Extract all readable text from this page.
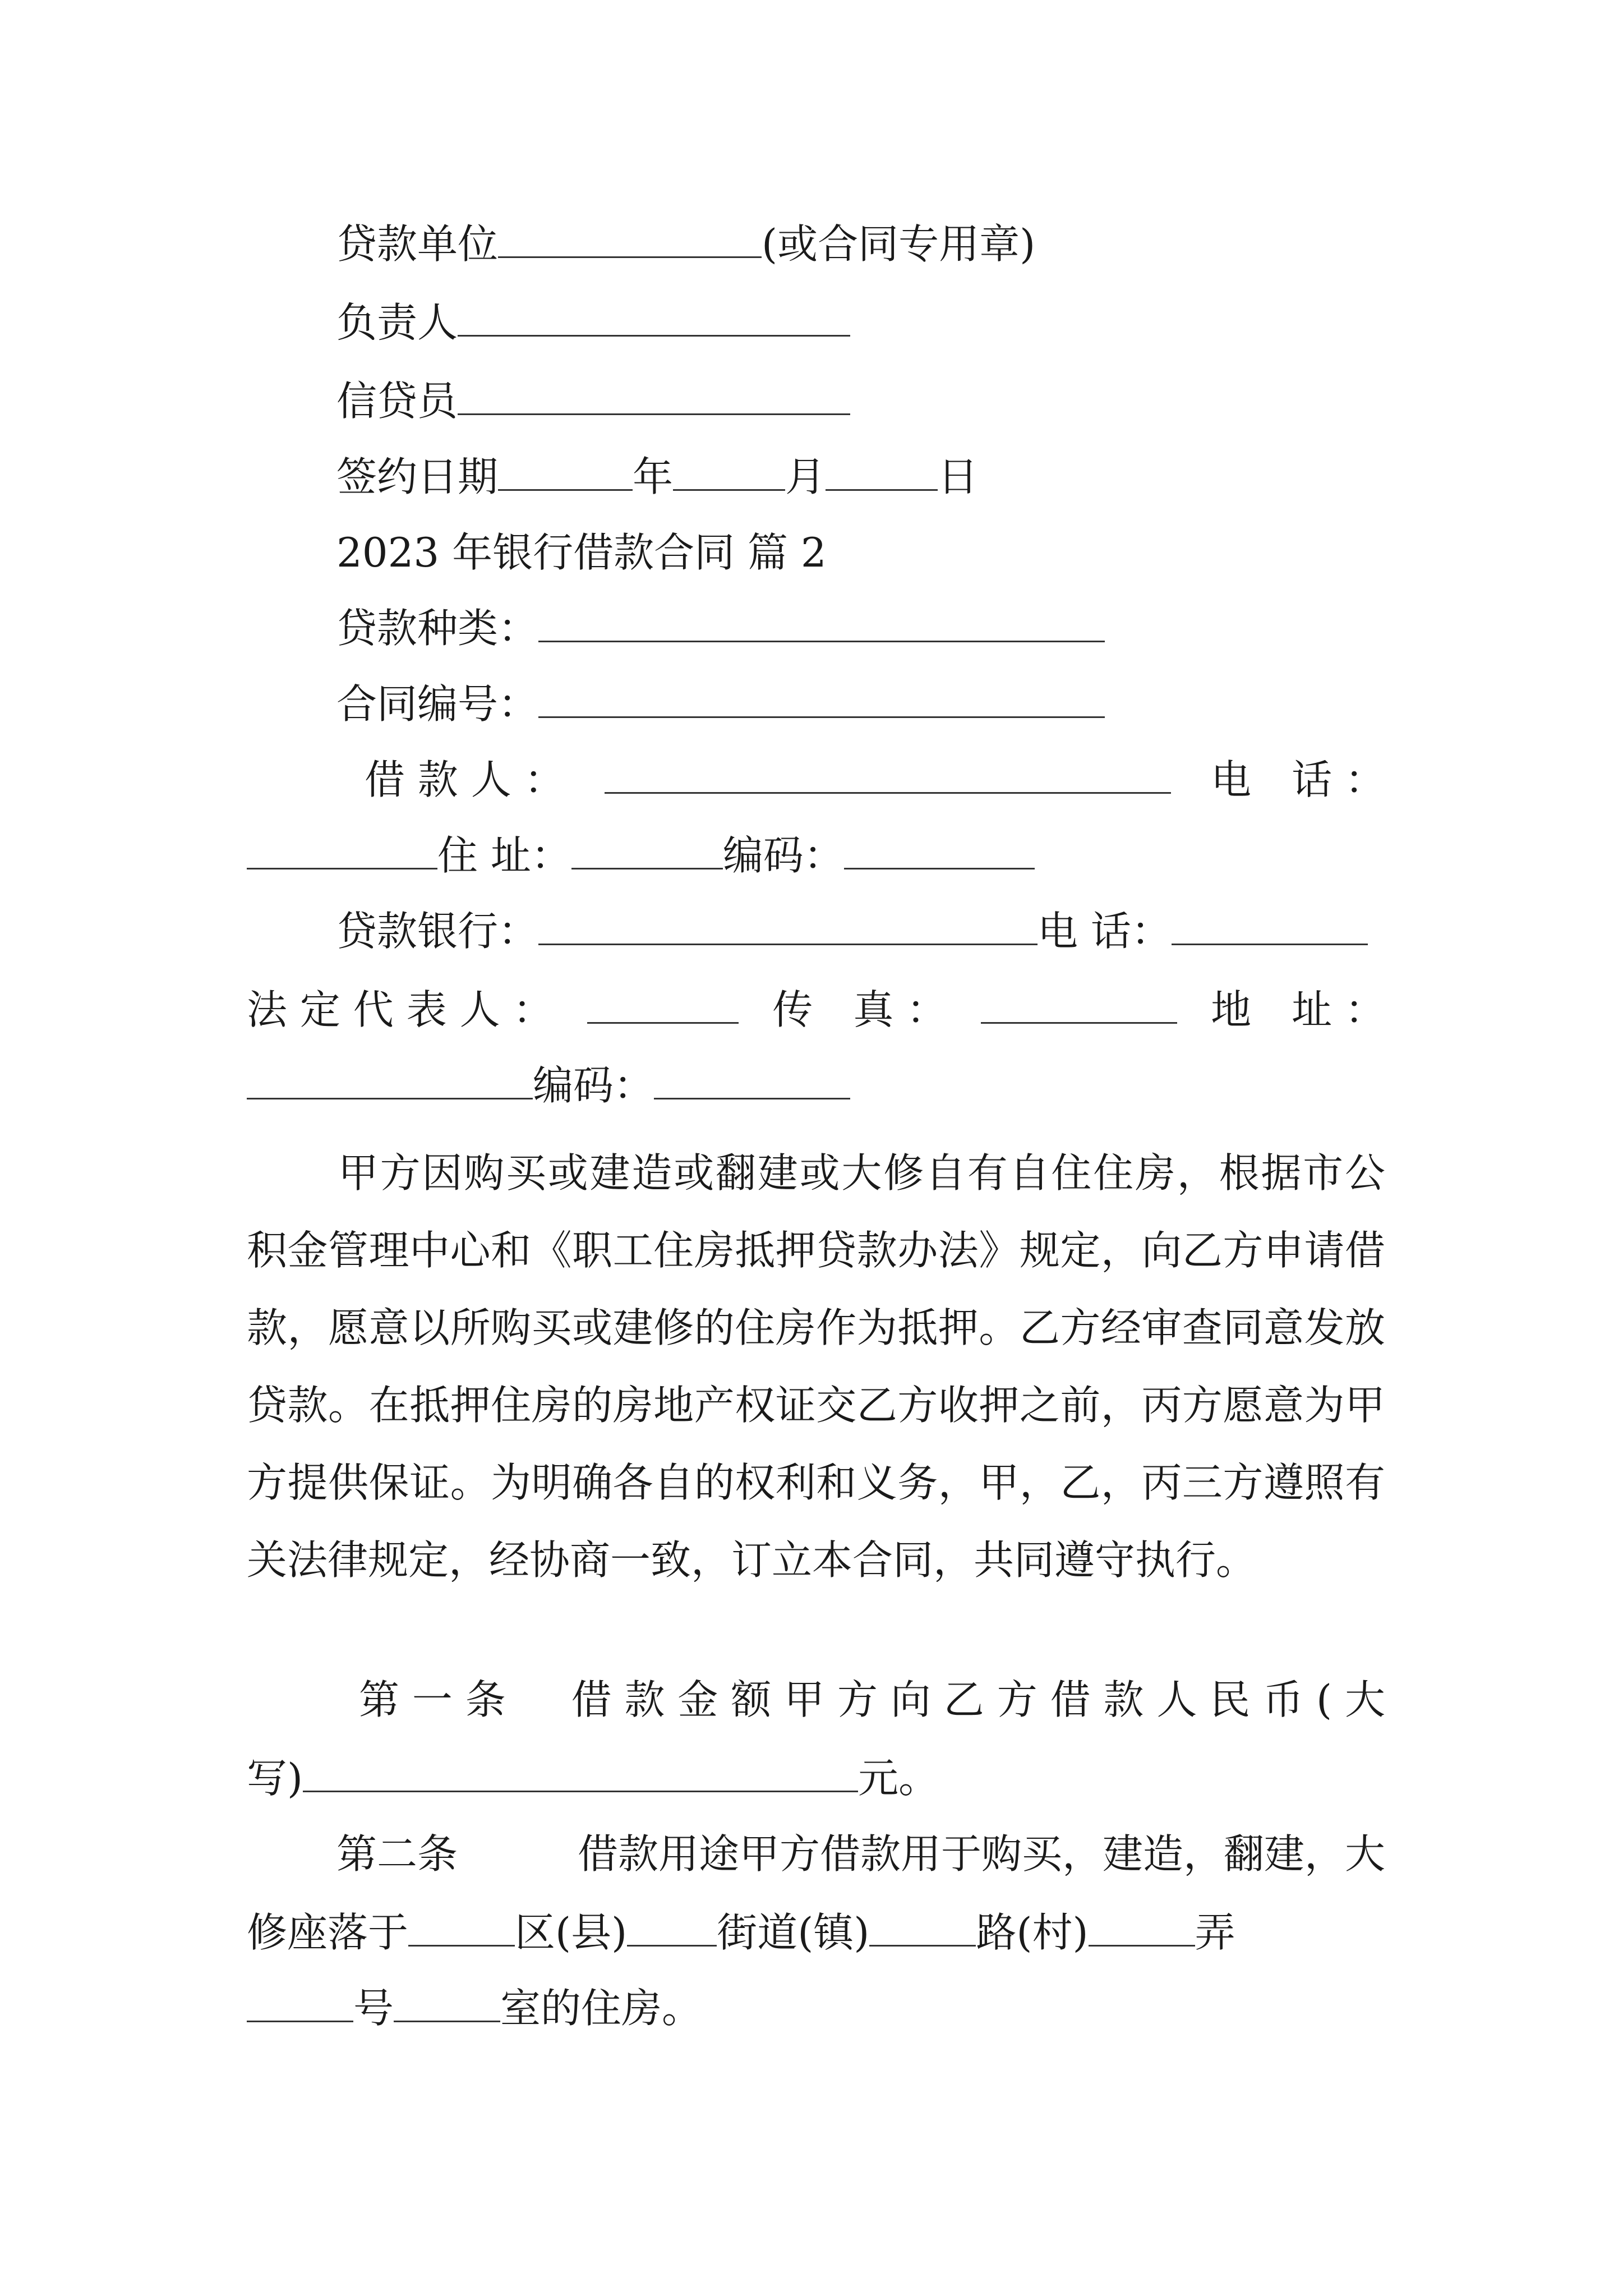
贷款单位	(或合同专用章)
负责人
信贷员
签约日期	年	月	日
2023 年银行借款合同 篇 2
贷款种类：
合同编号：
借 款 人 ：	电　话 ：
住 址：	编码：
贷款银行：	电 话：
法 定 代 表 人 ：	传　真 ：	地　址 ：
编码：
甲方因购买或建造或翻建或大修自有自住住房，根据市公积金管理中心和《职工住房抵押贷款办法》规定，向乙方申请借款，愿意以所购买或建修的住房作为抵押。乙方经审查同意发放贷款。在抵押住房的房地产权证交乙方收押之前，丙方愿意为甲方提供保证。为明确各自的权利和义务，甲，乙，丙三方遵照有关法律规定，经协商一致，订立本合同，共同遵守执行。
第 一 条 借 款 金 额 甲 方 向 乙 方 借 款 人 民 币 ( 大
写)	元。
第二条	借款用途甲方借款用于购买，建造，翻建，大
修座落于	区(县) 街道(镇)	路(村)	弄
号	室的住房。
